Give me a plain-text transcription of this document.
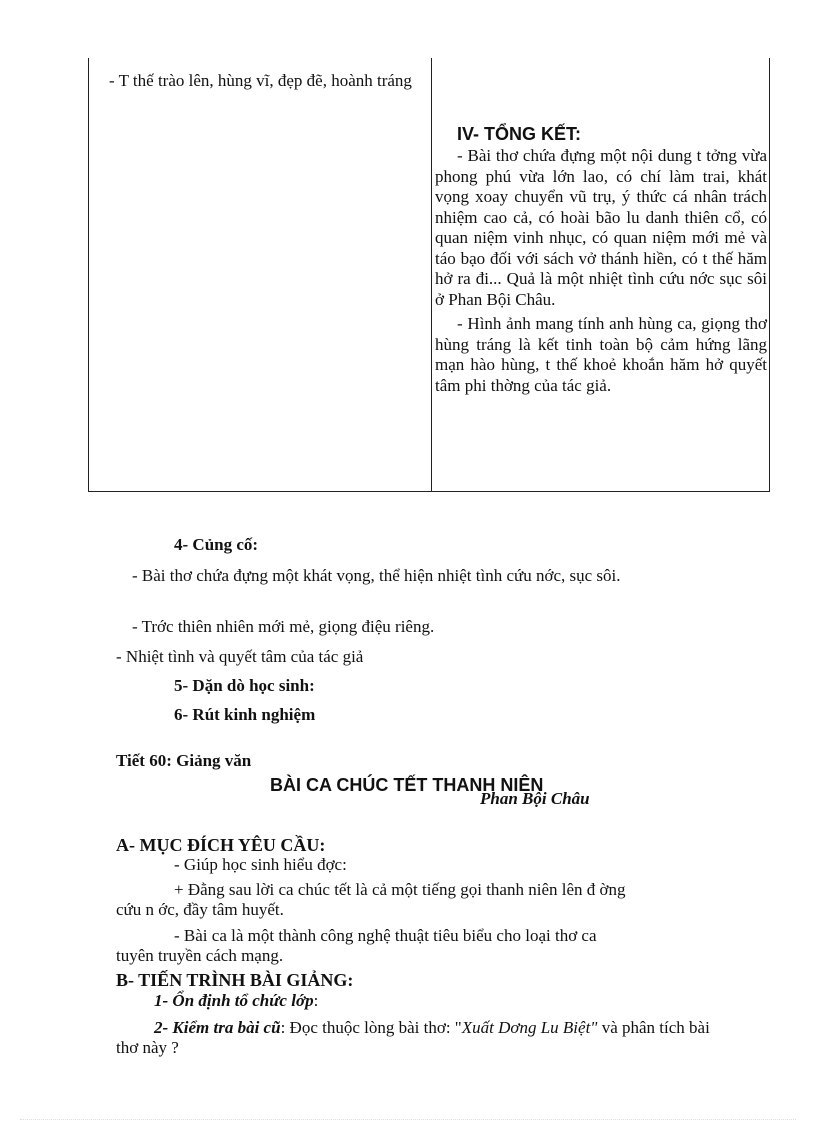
- T thế trào lên, hùng vĩ, đẹp đẽ, hoành tráng

IV- TỔNG KẾT:

- Bài thơ chứa đựng một nội dung t tởng vừa phong phú vừa lớn lao, có chí làm trai, khát vọng xoay chuyển vũ trụ, ý thức cá nhân trách nhiệm cao cả, có hoài bão lu danh thiên cổ, có quan niệm vinh nhục, có quan niệm mới mẻ và táo bạo đối với sách vở thánh hiền, có t thế hăm hở ra đi... Quả là một nhiệt tình cứu nớc sục sôi ở Phan Bội Châu.

- Hình ảnh mang tính anh hùng ca, giọng thơ hùng tráng là kết tinh toàn bộ cảm hứng lãng mạn hào hùng, t thế khoẻ khoắn hăm hở quyết tâm phi thờng của tác giả.

4- Củng cố:
- Bài thơ chứa đựng một khát vọng, thể hiện nhiệt tình cứu nớc, sục sôi.
- Trớc thiên nhiên mới mẻ, giọng điệu riêng.
- Nhiệt tình và quyết tâm của tác giả
5- Dặn dò học sinh:
6- Rút kinh nghiệm
Tiết 60: Giảng văn
BÀI CA CHÚC TẾT THANH NIÊN
Phan Bội Châu
A- MỤC ĐÍCH YÊU CẦU:
- Giúp học sinh hiểu đợc:
+ Đằng sau lời ca chúc tết là cả một tiếng gọi thanh niên lên đ ờng
cứu n ớc, đầy tâm huyết.
- Bài ca là một thành công nghệ thuật tiêu biểu cho loại thơ ca
tuyên truyền cách mạng.
B- TIẾN TRÌNH BÀI GIẢNG:
1- Ổn định tổ chức lớp:
2- Kiểm tra bài cũ: Đọc thuộc lòng bài thơ: "Xuất Dơng Lu Biệt" và phân tích bài thơ này ?
